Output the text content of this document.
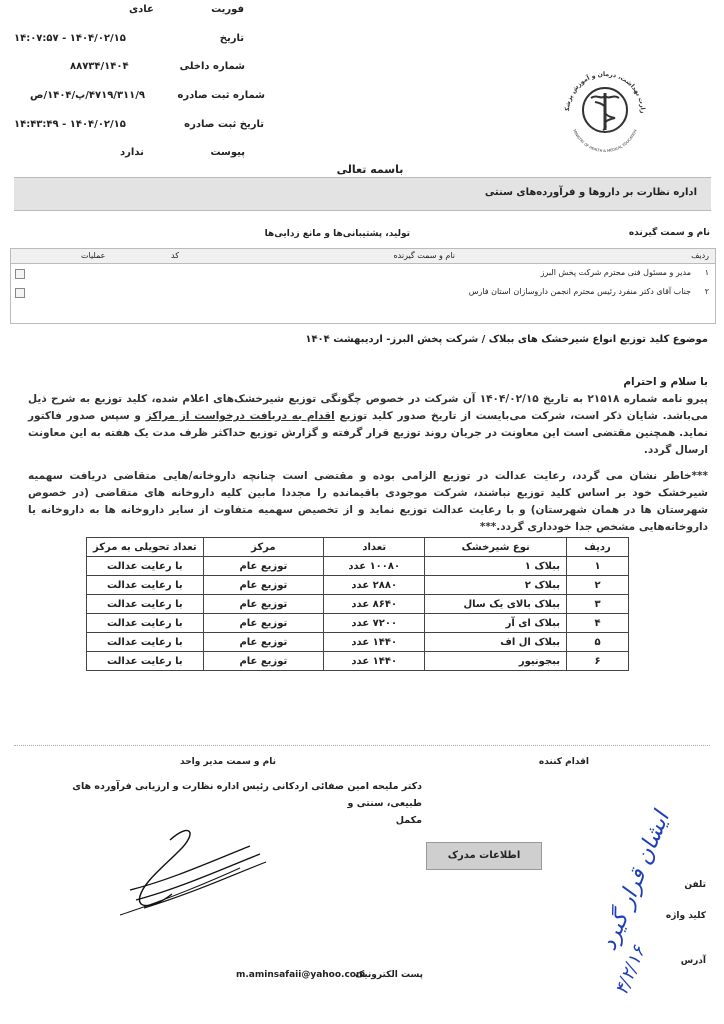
فوریت
عادی
تاریخ
۱۴۰۴/۰۲/۱۵ - ۱۴:۰۷:۵۷
شماره داخلی
۸۸۷۳۴/۱۴۰۴
شماره ثبت صادره
۴۷۱۹/۳۱۱/۹/پ/۱۴۰۴/ص
تاریخ ثبت صادره
۱۴۰۴/۰۲/۱۵ - ۱۴:۴۳:۴۹
پیوست
ندارد
زارت بهداشت، درمان و آموزش پزشک
MINISTRY OF HEALTH & MEDICAL EDUCATION
باسمه تعالی
اداره نظارت بر داروها و فرآورده‌های سنتی
نام و سمت گیرنده
تولید، پشتیبانی‌ها و مانع زدایی‌ها
ردیف
نام و سمت گیرنده
کد
عملیات
۱
مدیر و مسئول فنی محترم شرکت پخش البرز
۲
جناب آقای دکتر منفرد رئیس محترم انجمن داروسازان استان فارس
موضوع کلید توزیع انواع شیرخشک های ببلاک / شرکت پخش البرز- اردیبهشت ۱۴۰۴
با سلام و احترام
پیرو نامه شماره ۲۱۵۱۸ به تاریخ ۱۴۰۴/۰۲/۱۵ آن شرکت در خصوص چگونگی توزیع شیرخشک‌های اعلام شده، کلید توزیع به شرح ذیل می‌باشد. شایان ذکر است، شرکت می‌بایست از تاریخ صدور کلید توزیع اقدام به دریافت درخواست از مراکز و سپس صدور فاکتور نماید. همچنین مقتضی است این معاونت در جریان روند توزیع قرار گرفته و گزارش توزیع حداکثر ظرف مدت یک هفته به این معاونت ارسال گردد.
***خاطر نشان می گردد، رعایت عدالت در توزیع الزامی بوده و مقتضی است چنانچه داروخانه/هایی متقاضی دریافت سهمیه شیرخشک خود بر اساس کلید توزیع نباشند، شرکت موجودی باقیمانده را مجددا مابین کلیه داروخانه های متقاضی (در خصوص شهرستان ها در همان شهرستان) و با رعایت عدالت توزیع نماید و از تخصیص سهمیه متفاوت از سایر داروخانه ها به داروخانه یا داروخانه‌هایی مشخص جدا خودداری گردد.***
ردیف	نوع شیرخشک	تعداد	مرکز	تعداد تحویلی به مرکز
۱	ببلاک ۱	۱۰۰۸۰ عدد	توزیع عام	با رعایت عدالت
۲	ببلاک ۲	۲۸۸۰ عدد	توزیع عام	با رعایت عدالت
۳	ببلاک بالای یک سال	۸۶۴۰ عدد	توزیع عام	با رعایت عدالت
۴	ببلاک ای آر	۷۲۰۰ عدد	توزیع عام	با رعایت عدالت
۵	ببلاک ال اف	۱۴۴۰ عدد	توزیع عام	با رعایت عدالت
۶	ببجونیور	۱۴۴۰ عدد	توزیع عام	با رعایت عدالت
نام و سمت مدیر واحد	اقدام کننده
دکتر ملیحه امین صفائی اردکانی رئیس اداره نظارت و ارزیابی فرآورده های طبیعی، سنتی و
مکمل
اطلاعات مدرک
تلفن
کلید واژه
آدرس
پست الکترونیک
m.aminsafaii@yahoo.com
ایشان قرار گیرد
۴/۲/۱۶
